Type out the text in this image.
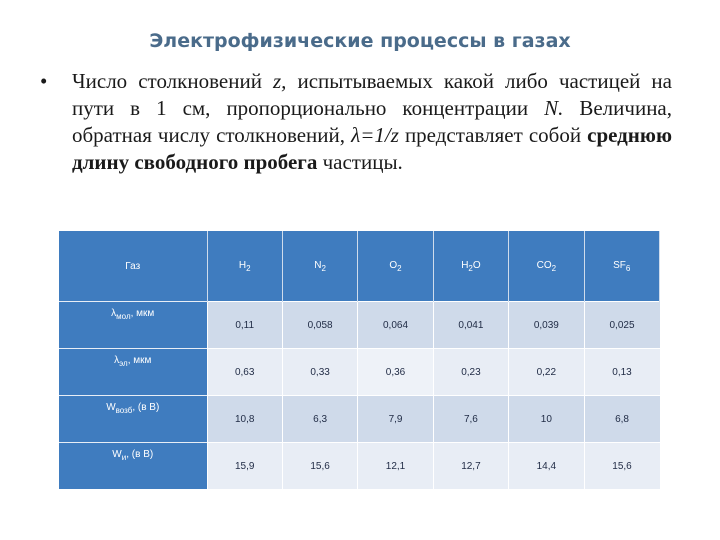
Электрофизические процессы в газах
• Число столкновений z, испытываемых какой либо частицей на пути в 1 см, пропорционально концентрации N. Величина, обратная числу столкновений, λ=1/z представляет собой среднюю длину свободного пробега частицы.
Газ	$H_2$	$N_2$	$O_2$	$H_2O$	$CO_2$	$SF_6$
$\lambda_{мол}$, мкм	0,11	0,058	0,064	0,041	0,039	0,025
$\lambda_{эл}$, мкм	0,63	0,33	0,36	0,23	0,22	0,13
$W_{возб}$, (в В)	10,8	6,3	7,9	7,6	10	6,8
$W_и$, (в В)	15,9	15,6	12,1	12,7	14,4	15,6
